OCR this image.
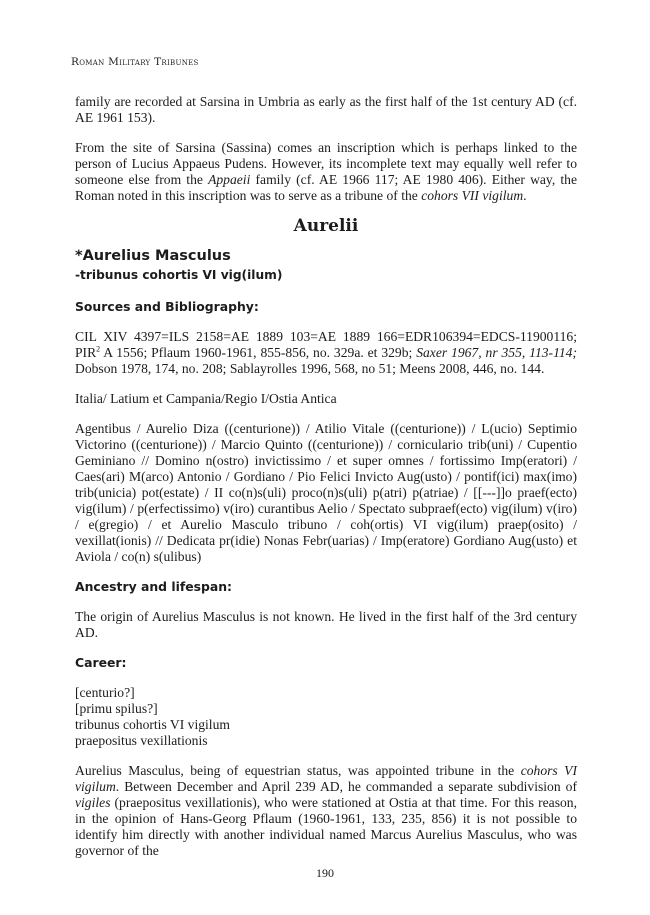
Roman Military Tribunes

family are recorded at Sarsina in Umbria as early as the first half of the 1st century AD (cf. AE 1961 153).

From the site of Sarsina (Sassina) comes an inscription which is perhaps linked to the person of Lucius Appaeus Pudens. However, its incomplete text may equally well refer to someone else from the Appaeii family (cf. AE 1966 117; AE 1980 406). Either way, the Roman noted in this inscription was to serve as a tribune of the cohors VII vigilum.

Aurelii
*Aurelius Masculus
-tribunus cohortis VI vig(ilum)
Sources and Bibliography:

CIL XIV 4397=ILS 2158=AE 1889 103=AE 1889 166=EDR106394=EDCS-11900116; PIR$^2$ A 1556; Pflaum 1960-1961, 855-856, no. 329a. et 329b; Saxer 1967, nr 355, 113-114; Dobson 1978, 174, no. 208; Sablayrolles 1996, 568, no 51; Meens 2008, 446, no. 144.

Italia/ Latium et Campania/Regio I/Ostia Antica

Agentibus / Aurelio Diza ((centurione)) / Atilio Vitale ((centurione)) / L(ucio) Septimio Victorino ((centurione)) / Marcio Quinto ((centurione)) / corniculario trib(uni) / Cupentio Geminiano // Domino n(ostro) invictissimo / et super omnes / fortissimo Imp(eratori) / Caes(ari) M(arco) Antonio / Gordiano / Pio Felici Invicto Aug(usto) / pontif(ici) max(imo) trib(unicia) pot(estate) / II co(n)s(uli) proco(n)s(uli) p(atri) p(atriae) / [[---]]o praef(ecto) vig(ilum) / p(erfectissimo) v(iro) curantibus Aelio / Spectato subpraef(ecto) vig(ilum) v(iro) / e(gregio) / et Aurelio Masculo tribuno / coh(ortis) VI vig(ilum) praep(osito) / vexillat(ionis) // Dedicata pr(idie) Nonas Febr(uarias) / Imp(eratore) Gordiano Aug(usto) et Aviola / co(n) s(ulibus)

Ancestry and lifespan:

The origin of Aurelius Masculus is not known. He lived in the first half of the 3rd century AD.

Career:
[centurio?]
[primu spilus?]
tribunus cohortis VI vigilum
praepositus vexillationis

Aurelius Masculus, being of equestrian status, was appointed tribune in the cohors VI vigilum. Between December and April 239 AD, he commanded a separate subdivision of vigiles (praepositus vexillationis), who were stationed at Ostia at that time. For this reason, in the opinion of Hans-Georg Pflaum (1960-1961, 133, 235, 856) it is not possible to identify him directly with another individual named Marcus Aurelius Masculus, who was governor of the

190
